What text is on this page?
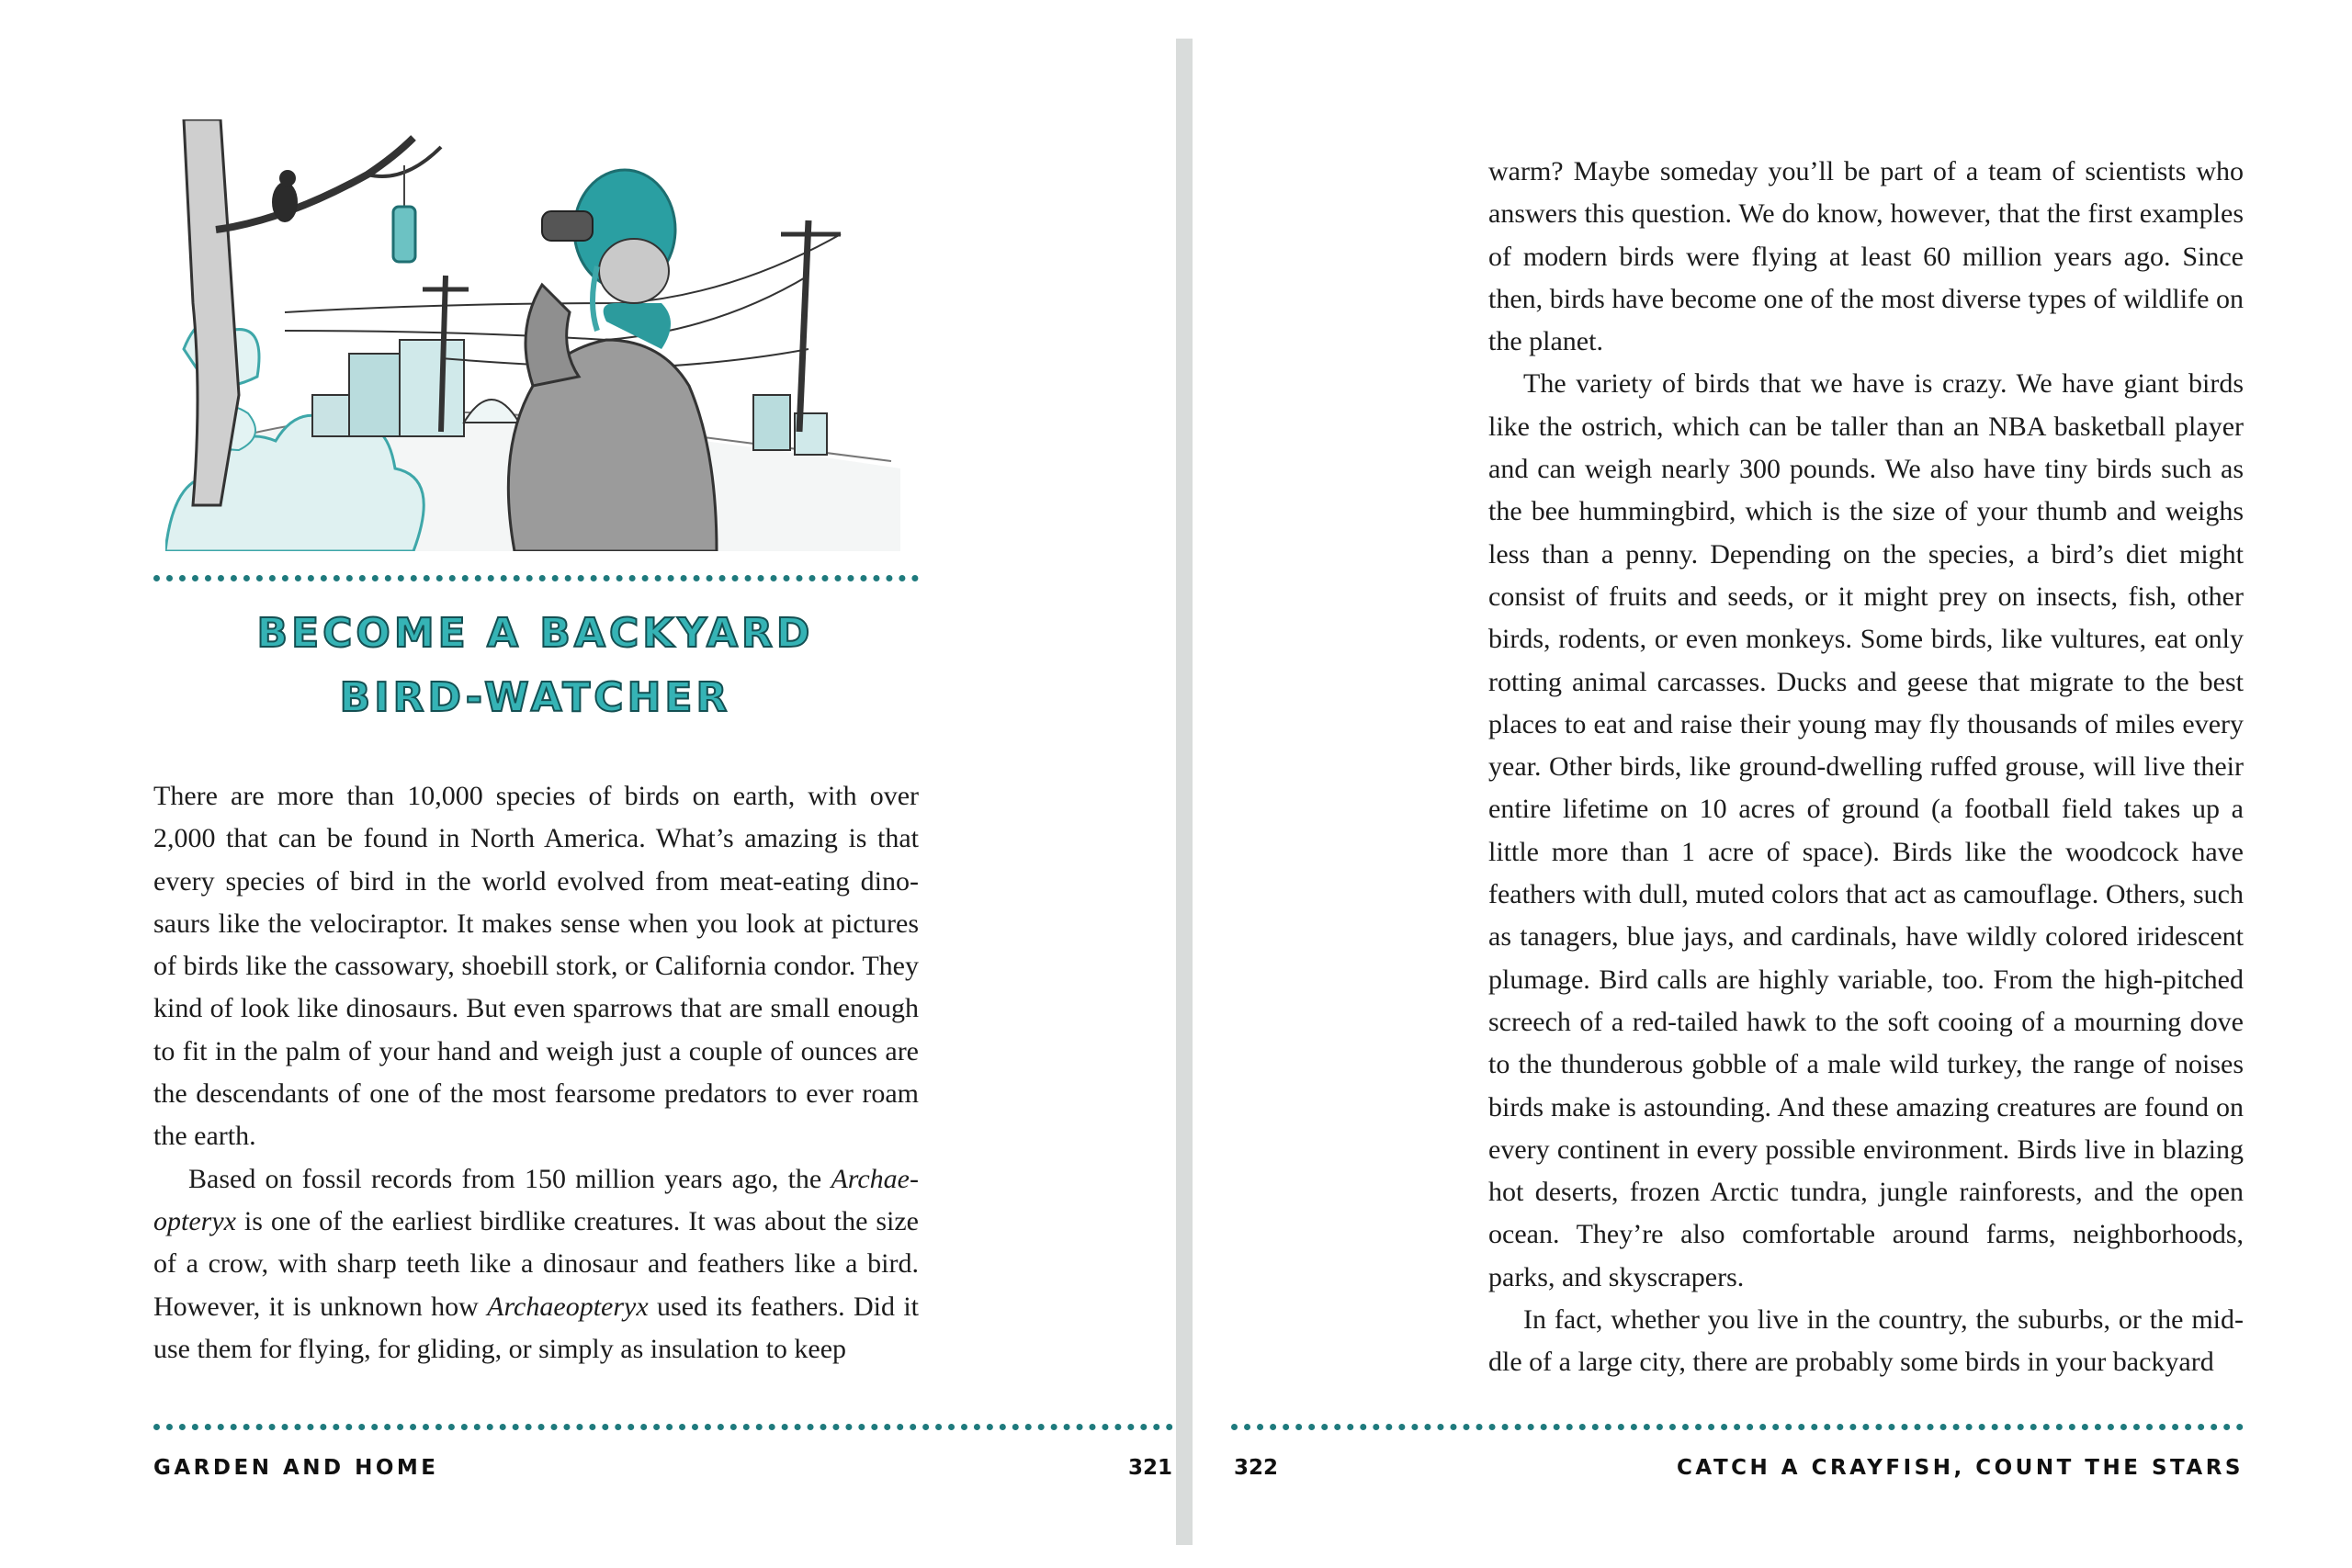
BECOME A BACKYARD
BIRD-WATCHER

There are more than 10,000 species of birds on earth, with over 2,000 that can be found in North America. What’s amazing is that every species of bird in the world evolved from meat-eating dinosaurs like the velociraptor. It makes sense when you look at pictures of birds like the cassowary, shoebill stork, or California condor. They kind of look like dinosaurs. But even sparrows that are small enough to fit in the palm of your hand and weigh just a couple of ounces are the descendants of one of the most fearsome predators to ever roam the earth.

Based on fossil records from 150 million years ago, the Archaeopteryx is one of the earliest birdlike creatures. It was about the size of a crow, with sharp teeth like a dinosaur and feathers like a bird. However, it is unknown how Archaeopteryx used its feathers. Did it use them for flying, for gliding, or simply as insulation to keep

GARDEN AND HOME	321

warm? Maybe someday you’ll be part of a team of scientists who answers this question. We do know, however, that the first examples of modern birds were flying at least 60 million years ago. Since then, birds have become one of the most diverse types of wildlife on the planet.

The variety of birds that we have is crazy. We have giant birds like the ostrich, which can be taller than an NBA basketball player and can weigh nearly 300 pounds. We also have tiny birds such as the bee hummingbird, which is the size of your thumb and weighs less than a penny. Depending on the species, a bird’s diet might consist of fruits and seeds, or it might prey on insects, fish, other birds, rodents, or even monkeys. Some birds, like vultures, eat only rotting animal carcasses. Ducks and geese that migrate to the best places to eat and raise their young may fly thousands of miles every year. Other birds, like ground-dwelling ruffed grouse, will live their entire lifetime on 10 acres of ground (a football field takes up a little more than 1 acre of space). Birds like the woodcock have feathers with dull, muted colors that act as camouflage. Others, such as tanagers, blue jays, and cardinals, have wildly colored iridescent plumage. Bird calls are highly variable, too. From the high-pitched screech of a red-tailed hawk to the soft cooing of a mourning dove to the thunderous gobble of a male wild turkey, the range of noises birds make is astounding. And these amazing creatures are found on every continent in every possible environment. Birds live in blazing hot deserts, frozen Arctic tundra, jungle rainforests, and the open ocean. They’re also comfortable around farms, neighborhoods, parks, and skyscrapers.

In fact, whether you live in the country, the suburbs, or the middle of a large city, there are probably some birds in your backyard

322	CATCH A CRAYFISH, COUNT THE STARS
